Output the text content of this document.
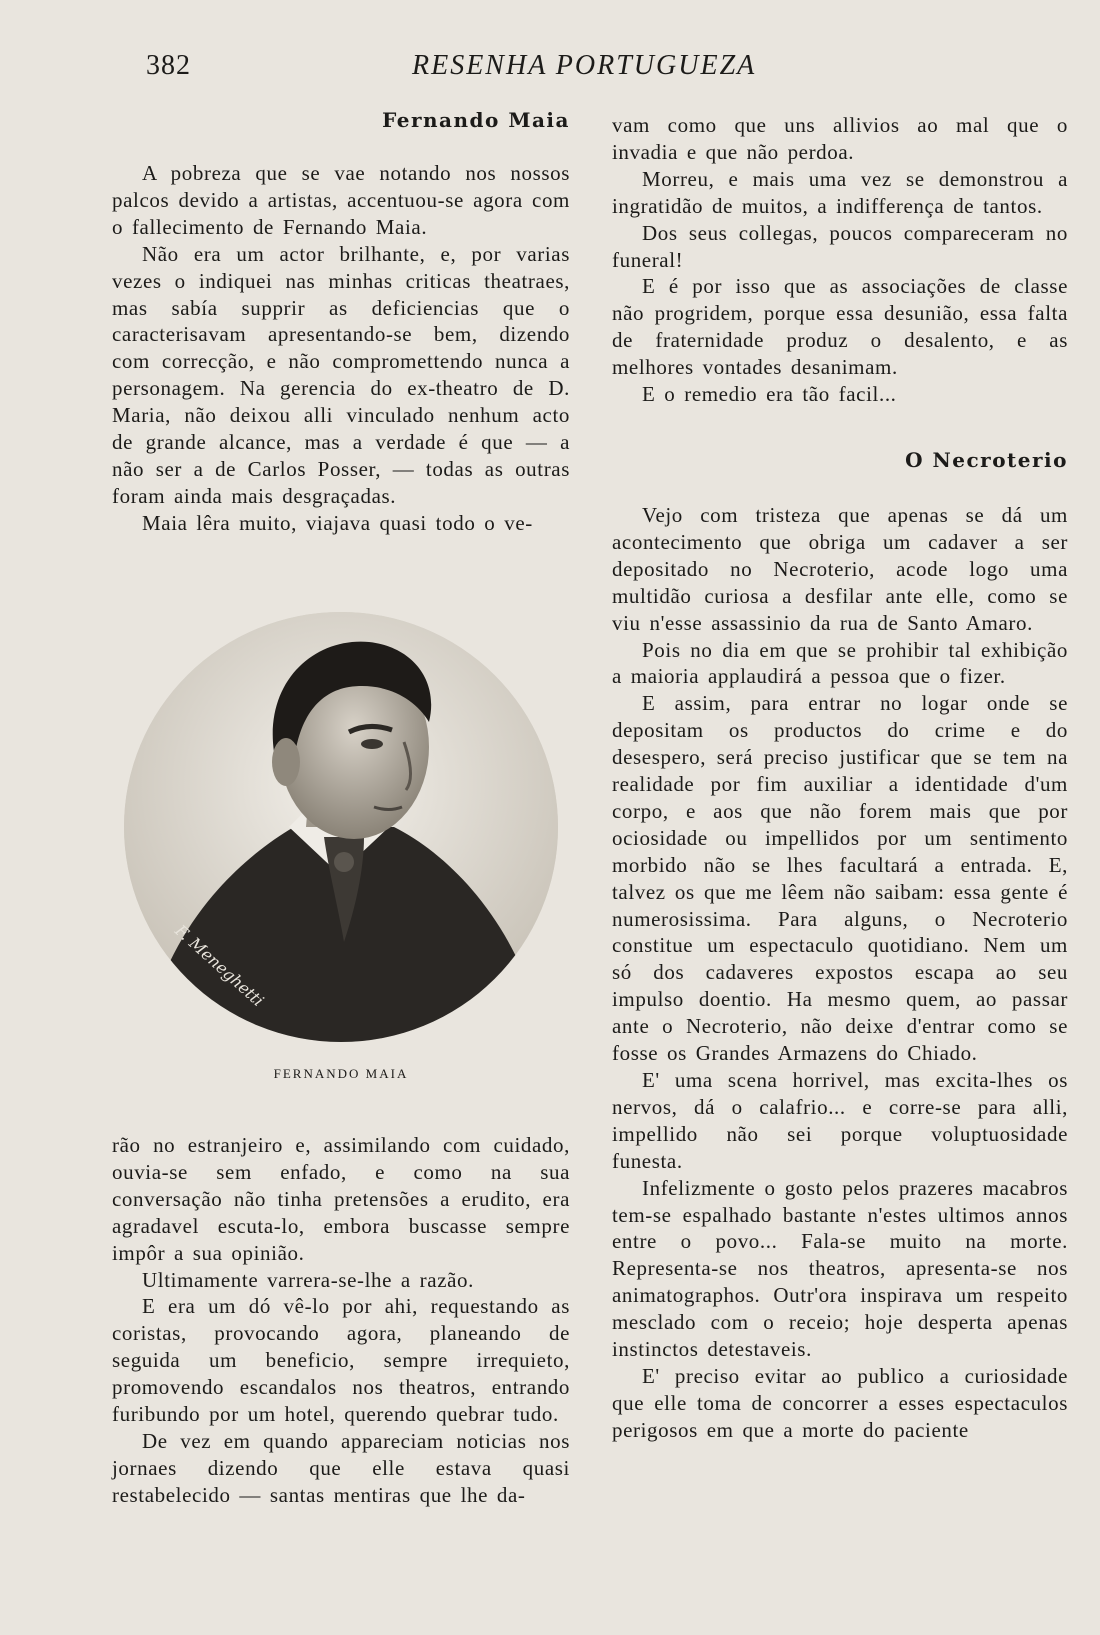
382	RESENHA PORTUGUEZA
Fernando Maia

A pobreza que se vae notando nos nossos palcos devido a artistas, accentuou-se agora com o fallecimento de Fernando Maia.

Não era um actor brilhante, e, por varias vezes o indiquei nas minhas criticas theatraes, mas sabía supprir as deficiencias que o caracterisavam apresentando-se bem, dizendo com correcção, e não compromettendo nunca a personagem. Na gerencia do ex-theatro de D. Maria, não deixou alli vinculado nenhum acto de grande alcance, mas a verdade é que — a não ser a de Carlos Posser, — todas as outras foram ainda mais desgraçadas.

Maia lêra muito, viajava quasi todo o ve-

F. Meneghetti
FERNANDO MAIA

rão no estranjeiro e, assimilando com cuidado, ouvia-se sem enfado, e como na sua conversação não tinha pretensões a erudito, era agradavel escuta-lo, embora buscasse sempre impôr a sua opinião.

Ultimamente varrera-se-lhe a razão.

E era um dó vê-lo por ahi, requestando as coristas, provocando agora, planeando de seguida um beneficio, sempre irrequieto, promovendo escandalos nos theatros, entrando furibundo por um hotel, querendo quebrar tudo.

De vez em quando appareciam noticias nos jornaes dizendo que elle estava quasi restabelecido — santas mentiras que lhe da-

vam como que uns allivios ao mal que o invadia e que não perdoa.

Morreu, e mais uma vez se demonstrou a ingratidão de muitos, a indifferença de tantos.

Dos seus collegas, poucos compareceram no funeral!

E é por isso que as associações de classe não progridem, porque essa desunião, essa falta de fraternidade produz o desalento, e as melhores vontades desanimam.

E o remedio era tão facil...

O Necroterio

Vejo com tristeza que apenas se dá um acontecimento que obriga um cadaver a ser depositado no Necroterio, acode logo uma multidão curiosa a desfilar ante elle, como se viu n'esse assassinio da rua de Santo Amaro.

Pois no dia em que se prohibir tal exhibição a maioria applaudirá a pessoa que o fizer.

E assim, para entrar no logar onde se depositam os productos do crime e do desespero, será preciso justificar que se tem na realidade por fim auxiliar a identidade d'um corpo, e aos que não forem mais que por ociosidade ou impellidos por um sentimento morbido não se lhes facultará a entrada. E, talvez os que me lêem não saibam: essa gente é numerosissima. Para alguns, o Necroterio constitue um espectaculo quotidiano. Nem um só dos cadaveres expostos escapa ao seu impulso doentio. Ha mesmo quem, ao passar ante o Necroterio, não deixe d'entrar como se fosse os Grandes Armazens do Chiado.

E' uma scena horrivel, mas excita-lhes os nervos, dá o calafrio... e corre-se para alli, impellido não sei porque voluptuosidade funesta.

Infelizmente o gosto pelos prazeres macabros tem-se espalhado bastante n'estes ultimos annos entre o povo... Fala-se muito na morte. Representa-se nos theatros, apresenta-se nos animatographos. Outr'ora inspirava um respeito mesclado com o receio; hoje desperta apenas instinctos detestaveis.

E' preciso evitar ao publico a curiosidade que elle toma de concorrer a esses espectaculos perigosos em que a morte do paciente
